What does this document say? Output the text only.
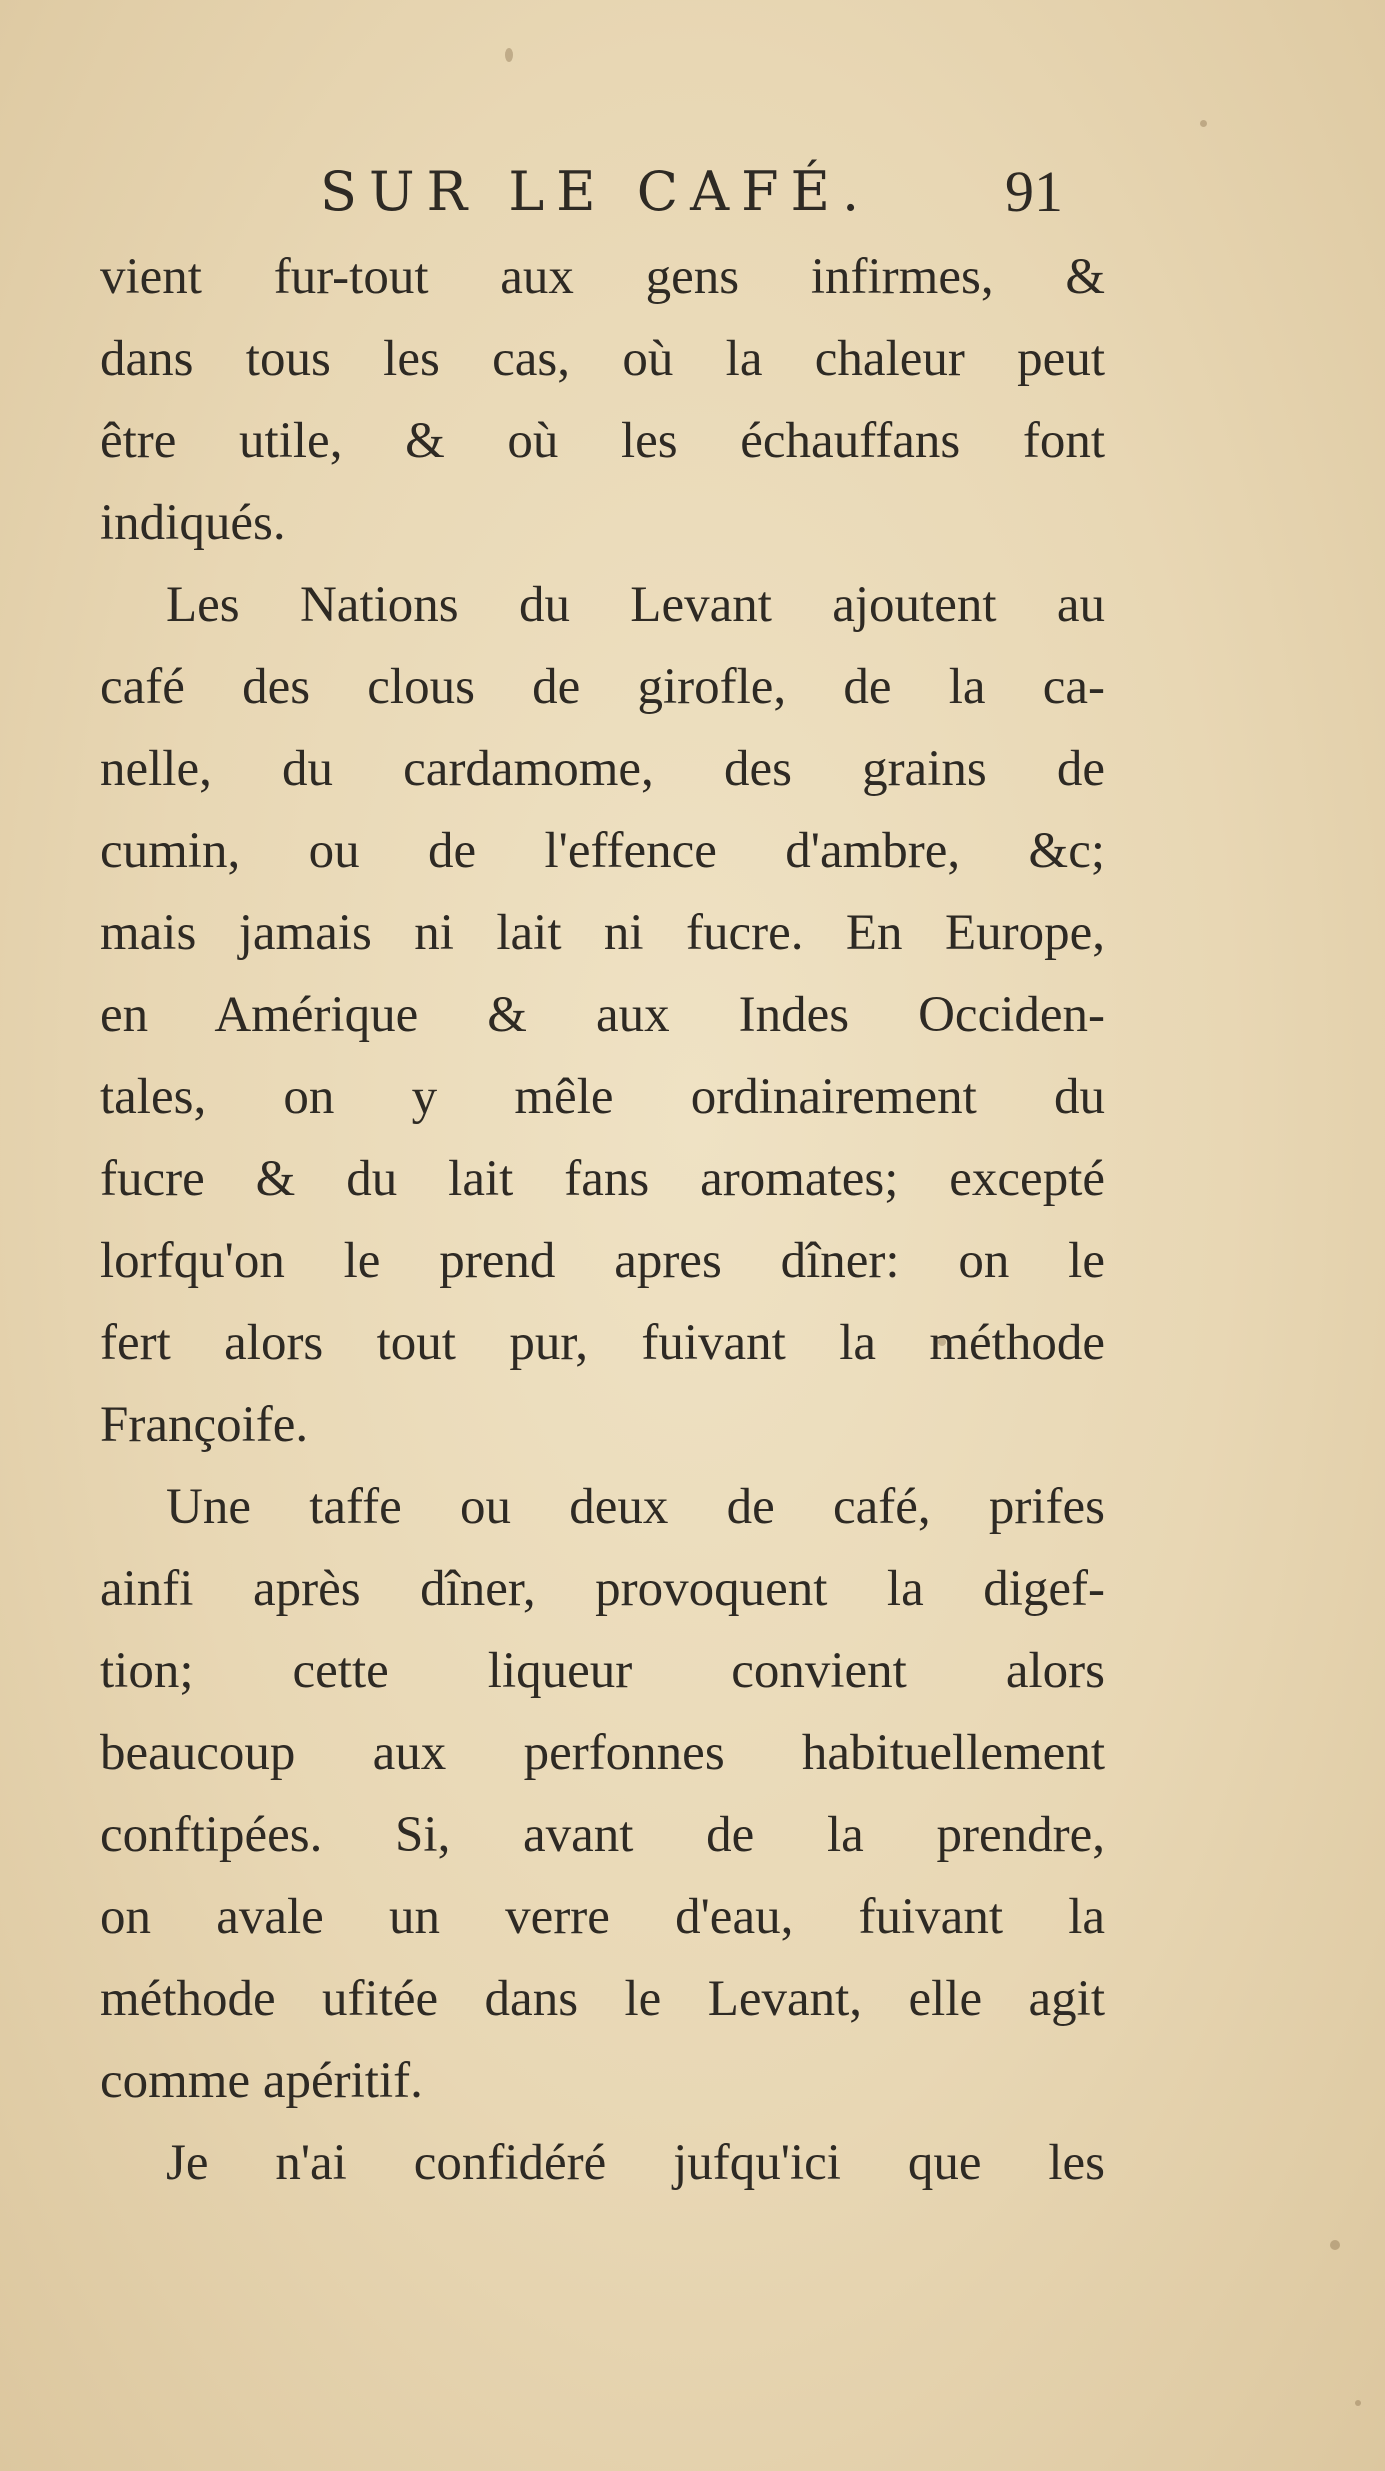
SUR LE CAFÉ. 91
vient fur-tout aux gens infirmes, &
dans tous les cas, où la chaleur peut
être utile, & où les échauffans font
indiqués.
Les Nations du Levant ajoutent au
café des clous de girofle, de la ca-
nelle, du cardamome, des grains de
cumin, ou de l'effence d'ambre, &c;
mais jamais ni lait ni fucre. En Europe,
en Amérique & aux Indes Occiden-
tales, on y mêle ordinairement du
fucre & du lait fans aromates; excepté
lorfqu'on le prend apres dîner: on le
fert alors tout pur, fuivant la méthode
Françoife.
Une taffe ou deux de café, prifes
ainfi après dîner, provoquent la digef-
tion; cette liqueur convient alors
beaucoup aux perfonnes habituellement
conftipées. Si, avant de la prendre,
on avale un verre d'eau, fuivant la
méthode ufitée dans le Levant, elle agit
comme apéritif.
Je n'ai confidéré jufqu'ici que les
